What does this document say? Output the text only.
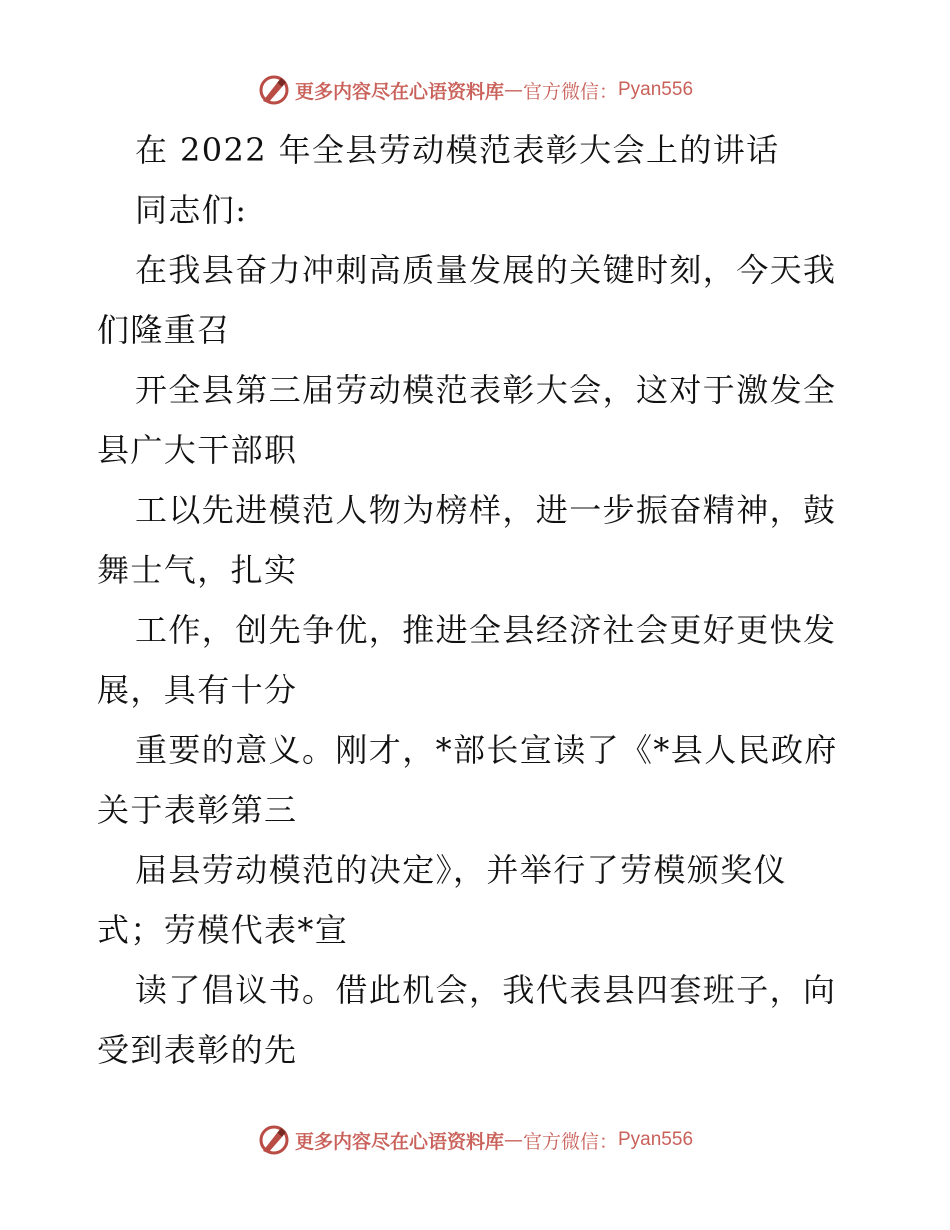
更多内容尽在心语资料库 — 官方微信： Pyan556
在 2022 年全县劳动模范表彰大会上的讲话
同志们:
在我县奋力冲刺高质量发展的关键时刻，今天我
们隆重召
开全县第三届劳动模范表彰大会，这对于激发全
县广大干部职
工以先进模范人物为榜样，进一步振奋精神，鼓
舞士气，扎实
工作，创先争优，推进全县经济社会更好更快发
展，具有十分
重要的意义。刚才，*部长宣读了《*县人民政府
关于表彰第三
届县劳动模范的决定》，并举行了劳模颁奖仪
式；劳模代表*宣
读了倡议书。借此机会，我代表县四套班子，向
受到表彰的先
更多内容尽在心语资料库 — 官方微信： Pyan556
